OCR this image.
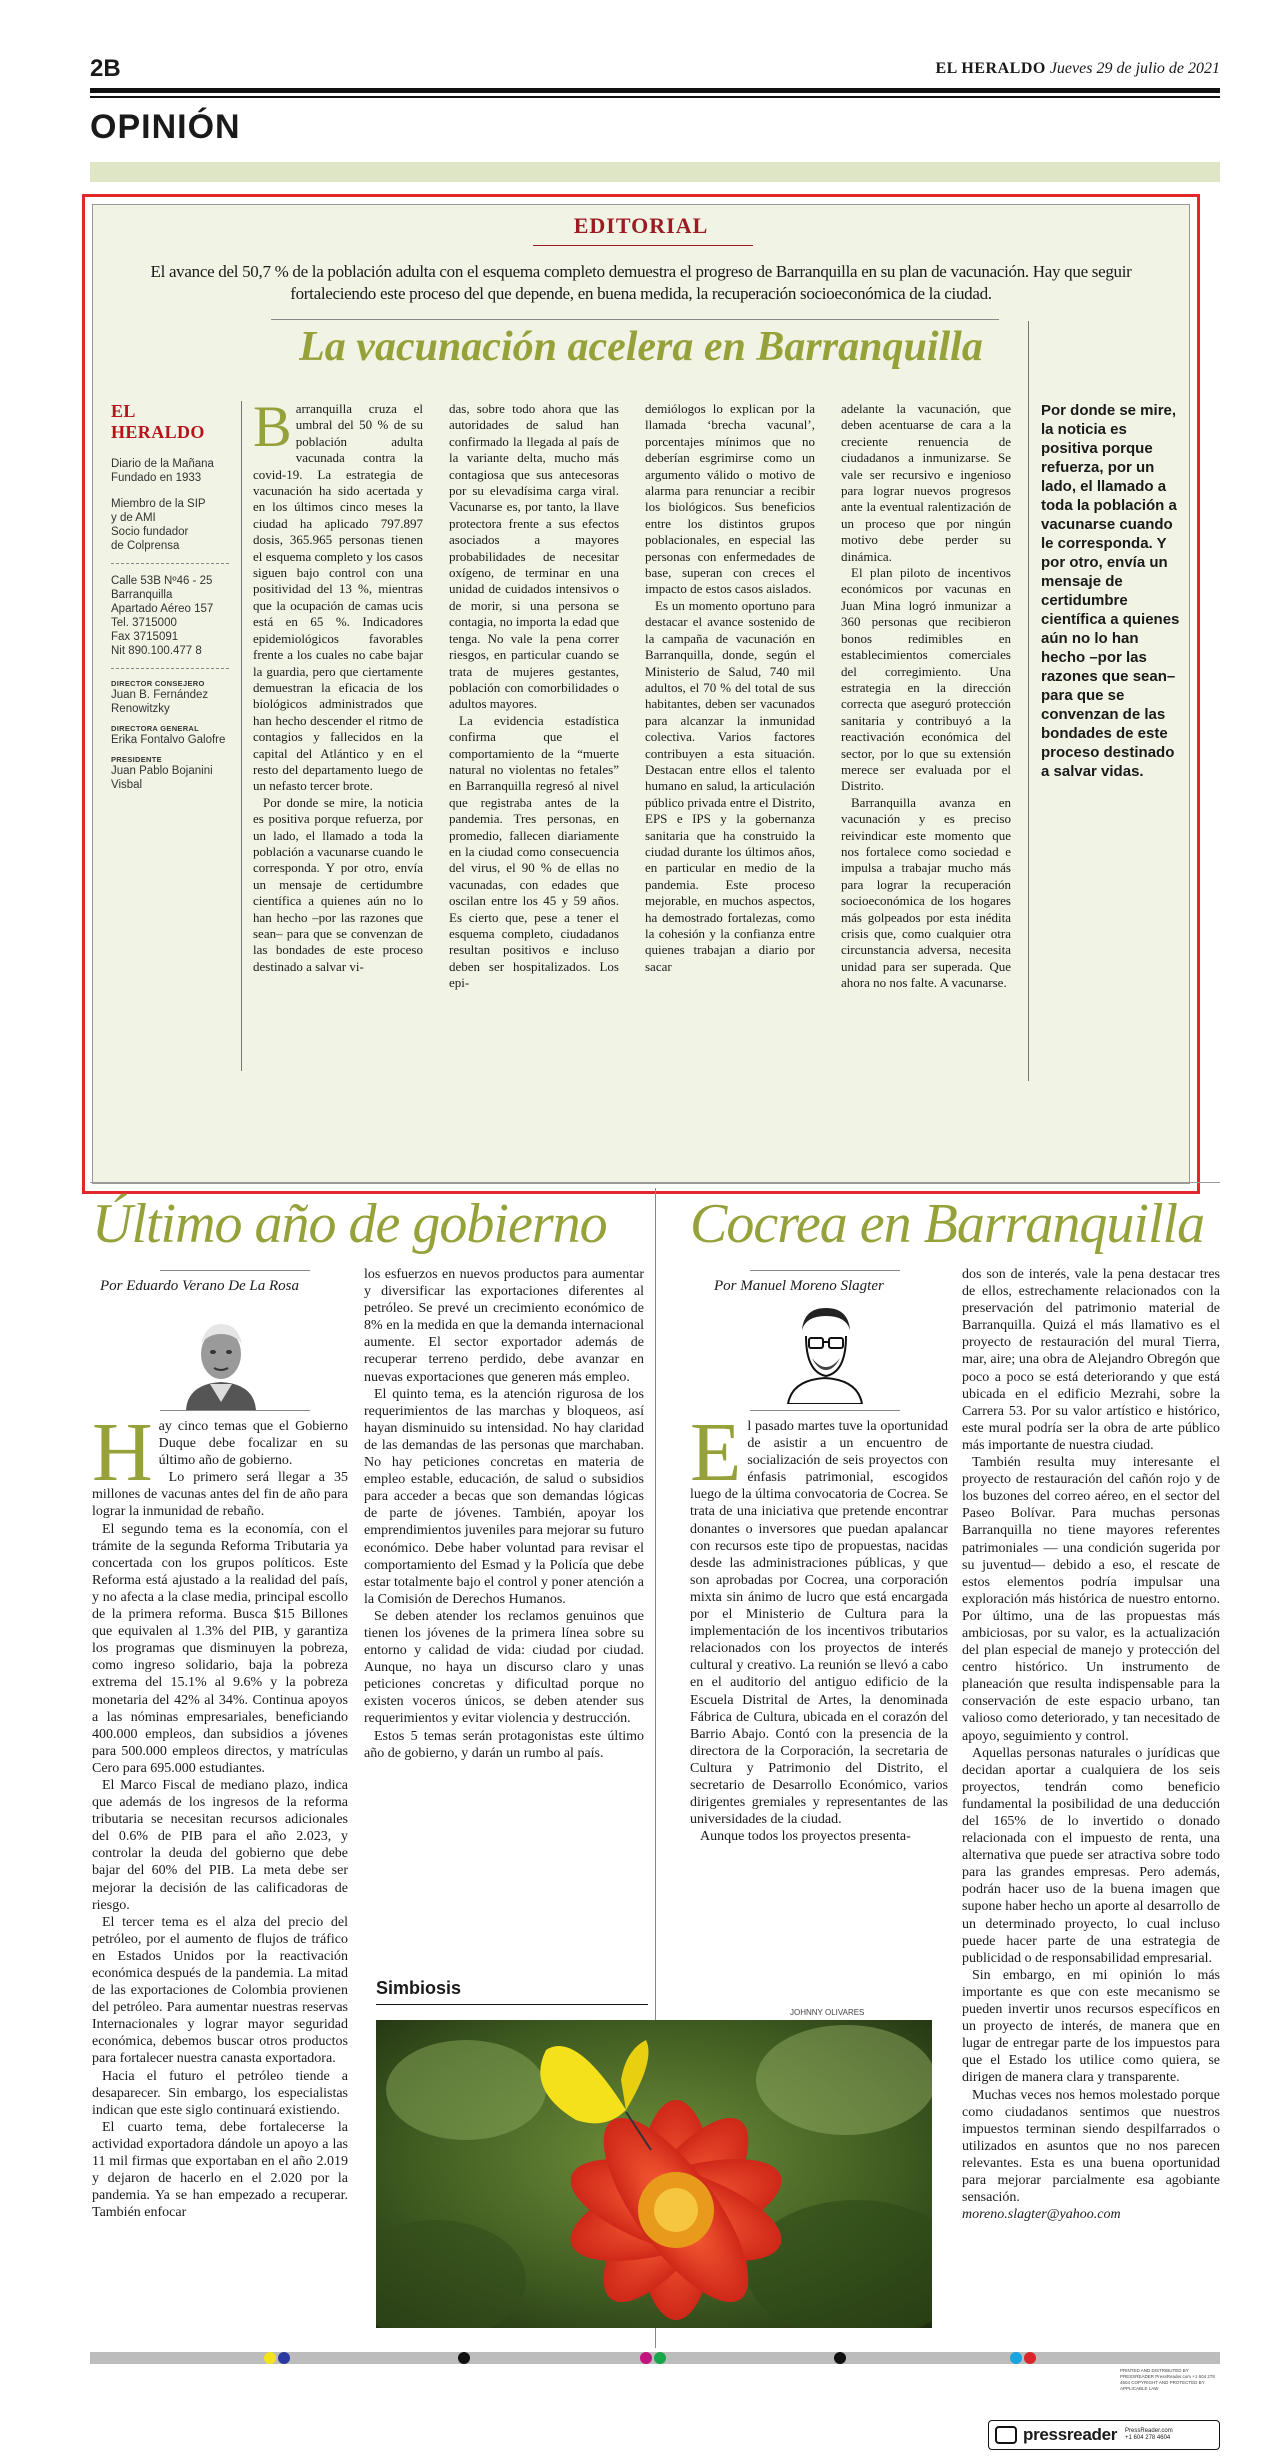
2B	EL HERALDO Jueves 29 de julio de 2021
OPINIÓN
EDITORIAL
El avance del 50,7 % de la población adulta con el esquema completo demuestra el progreso de Barranquilla en su plan de vacunación. Hay que seguir fortaleciendo este proceso del que depende, en buena medida, la recuperación socioeconómica de la ciudad.
La vacunación acelera en Barranquilla
EL HERALDO
Diario de la Mañana
Fundado en 1933
Miembro de la SIP
y de AMI
Socio fundador
de Colprensa
Calle 53B Nº46 - 25
Barranquilla
Apartado Aéreo 157
Tel. 3715000
Fax 3715091
Nit 890.100.477 8
DIRECTOR CONSEJERO
Juan B. Fernández Renowitzky
DIRECTORA GENERAL
Erika Fontalvo Galofre
PRESIDENTE
Juan Pablo Bojanini Visbal

Barranquilla cruza el umbral del 50 % de su población adulta vacunada contra la covid-19. La estrategia de vacunación ha sido acertada y en los últimos cinco meses la ciudad ha aplicado 797.897 dosis, 365.965 personas tienen el esquema completo y los casos siguen bajo control con una positividad del 13 %, mientras que la ocupación de camas ucis está en 65 %. Indicadores epidemiológicos favorables frente a los cuales no cabe bajar la guardia, pero que ciertamente demuestran la eficacia de los biológicos administrados que han hecho descender el ritmo de contagios y fallecidos en la capital del Atlántico y en el resto del departamento luego de un nefasto tercer brote.

Por donde se mire, la noticia es positiva porque refuerza, por un lado, el llamado a toda la población a vacunarse cuando le corresponda. Y por otro, envía un mensaje de certidumbre científica a quienes aún no lo han hecho –por las razones que sean– para que se convenzan de las bondades de este proceso destinado a salvar vi-

das, sobre todo ahora que las autoridades de salud han confirmado la llegada al país de la variante delta, mucho más contagiosa que sus antecesoras por su elevadísima carga viral. Vacunarse es, por tanto, la llave protectora frente a sus efectos asociados a mayores probabilidades de necesitar oxígeno, de terminar en una unidad de cuidados intensivos o de morir, si una persona se contagia, no importa la edad que tenga. No vale la pena correr riesgos, en particular cuando se trata de mujeres gestantes, población con comorbilidades o adultos mayores.

La evidencia estadística confirma que el comportamiento de la “muerte natural no violentas no fetales” en Barranquilla regresó al nivel que registraba antes de la pandemia. Tres personas, en promedio, fallecen diariamente en la ciudad como consecuencia del virus, el 90 % de ellas no vacunadas, con edades que oscilan entre los 45 y 59 años. Es cierto que, pese a tener el esquema completo, ciudadanos resultan positivos e incluso deben ser hospitalizados. Los epi-

demiólogos lo explican por la llamada ‘brecha vacunal’, porcentajes mínimos que no deberían esgrimirse como un argumento válido o motivo de alarma para renunciar a recibir los biológicos. Sus beneficios entre los distintos grupos poblacionales, en especial las personas con enfermedades de base, superan con creces el impacto de estos casos aislados.

Es un momento oportuno para destacar el avance sostenido de la campaña de vacunación en Barranquilla, donde, según el Ministerio de Salud, 740 mil adultos, el 70 % del total de sus habitantes, deben ser vacunados para alcanzar la inmunidad colectiva. Varios factores contribuyen a esta situación. Destacan entre ellos el talento humano en salud, la articulación público privada entre el Distrito, EPS e IPS y la gobernanza sanitaria que ha construido la ciudad durante los últimos años, en particular en medio de la pandemia. Este proceso mejorable, en muchos aspectos, ha demostrado fortalezas, como la cohesión y la confianza entre quienes trabajan a diario por sacar

adelante la vacunación, que deben acentuarse de cara a la creciente renuencia de ciudadanos a inmunizarse. Se vale ser recursivo e ingenioso para lograr nuevos progresos ante la eventual ralentización de un proceso que por ningún motivo debe perder su dinámica.

El plan piloto de incentivos económicos por vacunas en Juan Mina logró inmunizar a 360 personas que recibieron bonos redimibles en establecimientos comerciales del corregimiento. Una estrategia en la dirección correcta que aseguró protección sanitaria y contribuyó a la reactivación económica del sector, por lo que su extensión merece ser evaluada por el Distrito.

Barranquilla avanza en vacunación y es preciso reivindicar este momento que nos fortalece como sociedad e impulsa a trabajar mucho más para lograr la recuperación socioeconómica de los hogares más golpeados por esta inédita crisis que, como cualquier otra circunstancia adversa, necesita unidad para ser superada. Que ahora no nos falte. A vacunarse.

Por donde se mire, la noticia es positiva porque refuerza, por un lado, el llamado a toda la población a vacunarse cuando le corresponda. Y por otro, envía un mensaje de certidumbre científica a quienes aún no lo han hecho –por las razones que sean– para que se convenzan de las bondades de este proceso destinado a salvar vidas.
Último año de gobierno
Por Eduardo Verano De La Rosa

Hay cinco temas que el Gobierno Duque debe focalizar en su último año de gobierno.

Lo primero será llegar a 35 millones de vacunas antes del fin de año para lograr la inmunidad de rebaño.

El segundo tema es la economía, con el trámite de la segunda Reforma Tributaria ya concertada con los grupos políticos. Este Reforma está ajustado a la realidad del país, y no afecta a la clase media, principal escollo de la primera reforma. Busca $15 Billones que equivalen al 1.3% del PIB, y garantiza los programas que disminuyen la pobreza, como ingreso solidario, baja la pobreza extrema del 15.1% al 9.6% y la pobreza monetaria del 42% al 34%. Continua apoyos a las nóminas empresariales, beneficiando 400.000 empleos, dan subsidios a jóvenes para 500.000 empleos directos, y matrículas Cero para 695.000 estudiantes.

El Marco Fiscal de mediano plazo, indica que además de los ingresos de la reforma tributaria se necesitan recursos adicionales del 0.6% de PIB para el año 2.023, y controlar la deuda del gobierno que debe bajar del 60% del PIB. La meta debe ser mejorar la decisión de las calificadoras de riesgo.

El tercer tema es el alza del precio del petróleo, por el aumento de flujos de tráfico en Estados Unidos por la reactivación económica después de la pandemia. La mitad de las exportaciones de Colombia provienen del petróleo. Para aumentar nuestras reservas Internacionales y lograr mayor seguridad económica, debemos buscar otros productos para fortalecer nuestra canasta exportadora.

Hacia el futuro el petróleo tiende a desaparecer. Sin embargo, los especialistas indican que este siglo continuará existiendo.

El cuarto tema, debe fortalecerse la actividad exportadora dándole un apoyo a las 11 mil firmas que exportaban en el año 2.019 y dejaron de hacerlo en el 2.020 por la pandemia. Ya se han empezado a recuperar. También enfocar

los esfuerzos en nuevos productos para aumentar y diversificar las exportaciones diferentes al petróleo. Se prevé un crecimiento económico de 8% en la medida en que la demanda internacional aumente. El sector exportador además de recuperar terreno perdido, debe avanzar en nuevas exportaciones que generen más empleo.

El quinto tema, es la atención rigurosa de los requerimientos de las marchas y bloqueos, así hayan disminuido su intensidad. No hay claridad de las demandas de las personas que marchaban. No hay peticiones concretas en materia de empleo estable, educación, de salud o subsidios para acceder a becas que son demandas lógicas de parte de jóvenes. También, apoyar los emprendimientos juveniles para mejorar su futuro económico. Debe haber voluntad para revisar el comportamiento del Esmad y la Policía que debe estar totalmente bajo el control y poner atención a la Comisión de Derechos Humanos.

Se deben atender los reclamos genuinos que tienen los jóvenes de la primera línea sobre su entorno y calidad de vida: ciudad por ciudad. Aunque, no haya un discurso claro y unas peticiones concretas y dificultad porque no existen voceros únicos, se deben atender sus requerimientos y evitar violencia y destrucción.

Estos 5 temas serán protagonistas este último año de gobierno, y darán un rumbo al país.

Simbiosis
JOHNNY OLIVARES
Cocrea en Barranquilla
Por Manuel Moreno Slagter

El pasado martes tuve la oportunidad de asistir a un encuentro de socialización de seis proyectos con énfasis patrimonial, escogidos luego de la última convocatoria de Cocrea. Se trata de una iniciativa que pretende encontrar donantes o inversores que puedan apalancar con recursos este tipo de propuestas, nacidas desde las administraciones públicas, y que son aprobadas por Cocrea, una corporación mixta sin ánimo de lucro que está encargada por el Ministerio de Cultura para la implementación de los incentivos tributarios relacionados con los proyectos de interés cultural y creativo. La reunión se llevó a cabo en el auditorio del antiguo edificio de la Escuela Distrital de Artes, la denominada Fábrica de Cultura, ubicada en el corazón del Barrio Abajo. Contó con la presencia de la directora de la Corporación, la secretaria de Cultura y Patrimonio del Distrito, el secretario de Desarrollo Económico, varios dirigentes gremiales y representantes de las universidades de la ciudad.

Aunque todos los proyectos presenta-

dos son de interés, vale la pena destacar tres de ellos, estrechamente relacionados con la preservación del patrimonio material de Barranquilla. Quizá el más llamativo es el proyecto de restauración del mural Tierra, mar, aire; una obra de Alejandro Obregón que poco a poco se está deteriorando y que está ubicada en el edificio Mezrahi, sobre la Carrera 53. Por su valor artístico e histórico, este mural podría ser la obra de arte público más importante de nuestra ciudad.

También resulta muy interesante el proyecto de restauración del cañón rojo y de los buzones del correo aéreo, en el sector del Paseo Bolívar. Para muchas personas Barranquilla no tiene mayores referentes patrimoniales — una condición sugerida por su juventud— debido a eso, el rescate de estos elementos podría impulsar una exploración más histórica de nuestro entorno. Por último, una de las propuestas más ambiciosas, por su valor, es la actualización del plan especial de manejo y protección del centro histórico. Un instrumento de planeación que resulta indispensable para la conservación de este espacio urbano, tan valioso como deteriorado, y tan necesitado de apoyo, seguimiento y control.

Aquellas personas naturales o jurídicas que decidan aportar a cualquiera de los seis proyectos, tendrán como beneficio fundamental la posibilidad de una deducción del 165% de lo invertido o donado relacionada con el impuesto de renta, una alternativa que puede ser atractiva sobre todo para las grandes empresas. Pero además, podrán hacer uso de la buena imagen que supone haber hecho un aporte al desarrollo de un determinado proyecto, lo cual incluso puede hacer parte de una estrategia de publicidad o de responsabilidad empresarial.

Sin embargo, en mi opinión lo más importante es que con este mecanismo se pueden invertir unos recursos específicos en un proyecto de interés, de manera que en lugar de entregar parte de los impuestos para que el Estado los utilice como quiera, se dirigen de manera clara y transparente.

Muchas veces nos hemos molestado porque como ciudadanos sentimos que nuestros impuestos terminan siendo despilfarrados o utilizados en asuntos que no nos parecen relevantes. Esta es una buena oportunidad para mejorar parcialmente esa agobiante sensación.

moreno.slagter@yahoo.com

PRINTED AND DISTRIBUTED BY PRESSREADER PressReader.com +1 604 278 4604 COPYRIGHT AND PROTECTED BY APPLICABLE LAW
pressreader PressReader.com
+1 604 278 4604
